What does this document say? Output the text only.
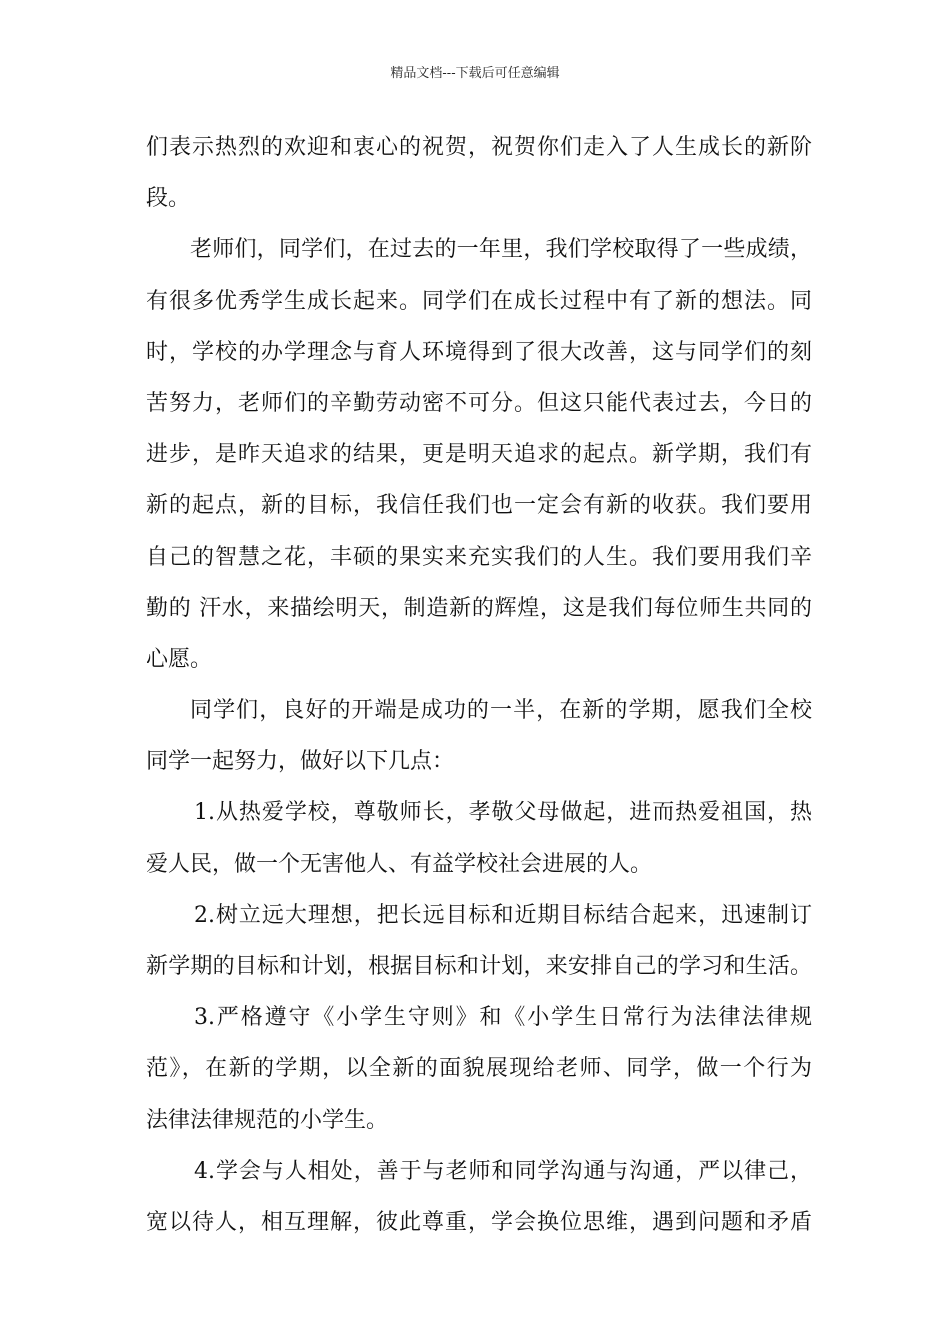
精品文档---下载后可任意编辑
们表示热烈的欢迎和衷心的祝贺，祝贺你们走入了人生成长的新阶
段。
老师们，同学们，在过去的一年里，我们学校取得了一些成绩，
有很多优秀学生成长起来。同学们在成长过程中有了新的想法。同
时，学校的办学理念与育人环境得到了很大改善，这与同学们的刻
苦努力，老师们的辛勤劳动密不可分。但这只能代表过去，今日的
进步，是昨天追求的结果，更是明天追求的起点。新学期，我们有
新的起点，新的目标，我信任我们也一定会有新的收获。我们要用
自己的智慧之花，丰硕的果实来充实我们的人生。我们要用我们辛
勤的 汗水，来描绘明天，制造新的辉煌，这是我们每位师生共同的
心愿。
同学们，良好的开端是成功的一半，在新的学期，愿我们全校
同学一起努力，做好以下几点：
1.从热爱学校，尊敬师长，孝敬父母做起，进而热爱祖国，热
爱人民，做一个无害他人、有益学校社会进展的人。
2.树立远大理想，把长远目标和近期目标结合起来，迅速制订
新学期的目标和计划，根据目标和计划，来安排自己的学习和生活。
3.严格遵守《小学生守则》和《小学生日常行为法律法律规
范》，在新的学期，以全新的面貌展现给老师、同学，做一个行为
法律法律规范的小学生。
4.学会与人相处，善于与老师和同学沟通与沟通，严以律己，
宽以待人，相互理解，彼此尊重，学会换位思维，遇到问题和矛盾
